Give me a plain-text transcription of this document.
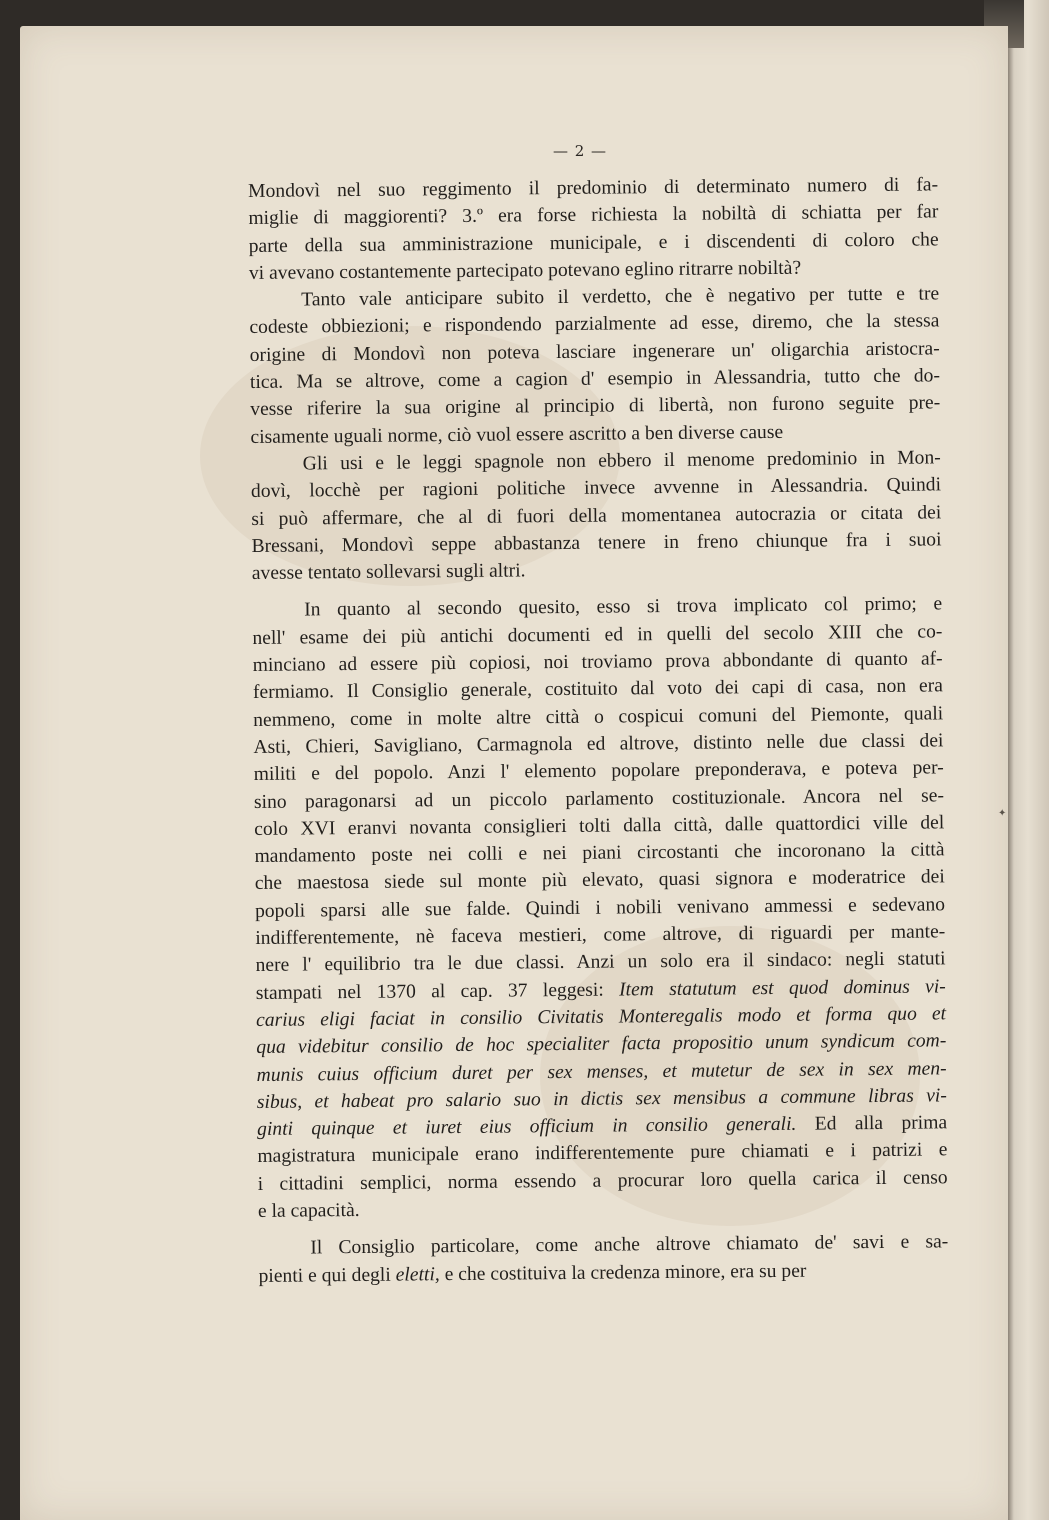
— 2 —
Mondovì nel suo reggimento il predominio di determinato numero di fa-
miglie di maggiorenti? 3.º era forse richiesta la nobiltà di schiatta per far
parte della sua amministrazione municipale, e i discendenti di coloro che
vi avevano costantemente partecipato potevano eglino ritrarre nobiltà?
Tanto vale anticipare subito il verdetto, che è negativo per tutte e tre
codeste obbiezioni; e rispondendo parzialmente ad esse, diremo, che la stessa
origine di Mondovì non poteva lasciare ingenerare un' oligarchia aristocra-
tica. Ma se altrove, come a cagion d' esempio in Alessandria, tutto che do-
vesse riferire la sua origine al principio di libertà, non furono seguite pre-
cisamente uguali norme, ciò vuol essere ascritto a ben diverse cause
Gli usi e le leggi spagnole non ebbero il menome predominio in Mon-
dovì, locchè per ragioni politiche invece avvenne in Alessandria. Quindi
si può affermare, che al di fuori della momentanea autocrazia or citata dei
Bressani, Mondovì seppe abbastanza tenere in freno chiunque fra i suoi
avesse tentato sollevarsi sugli altri.
In quanto al secondo quesito, esso si trova implicato col primo; e
nell' esame dei più antichi documenti ed in quelli del secolo XIII che co-
minciano ad essere più copiosi, noi troviamo prova abbondante di quanto af-
fermiamo. Il Consiglio generale, costituito dal voto dei capi di casa, non era
nemmeno, come in molte altre città o cospicui comuni del Piemonte, quali
Asti, Chieri, Savigliano, Carmagnola ed altrove, distinto nelle due classi dei
militi e del popolo. Anzi l' elemento popolare preponderava, e poteva per-
sino paragonarsi ad un piccolo parlamento costituzionale. Ancora nel se-
colo XVI eranvi novanta consiglieri tolti dalla città, dalle quattordici ville del
mandamento poste nei colli e nei piani circostanti che incoronano la città
che maestosa siede sul monte più elevato, quasi signora e moderatrice dei
popoli sparsi alle sue falde. Quindi i nobili venivano ammessi e sedevano
indifferentemente, nè faceva mestieri, come altrove, di riguardi per mante-
nere l' equilibrio tra le due classi. Anzi un solo era il sindaco: negli statuti
stampati nel 1370 al cap. 37 leggesi: Item statutum est quod dominus vi-
carius eligi faciat in consilio Civitatis Monteregalis modo et forma quo et
qua videbitur consilio de hoc specialiter facta propositio unum syndicum com-
munis cuius officium duret per sex menses, et mutetur de sex in sex men-
sibus, et habeat pro salario suo in dictis sex mensibus a commune libras vi-
ginti quinque et iuret eius officium in consilio generali. Ed alla prima
magistratura municipale erano indifferentemente pure chiamati e i patrizi e
i cittadini semplici, norma essendo a procurar loro quella carica il censo
e la capacità.
Il Consiglio particolare, come anche altrove chiamato de' savi e sa-
pienti e qui degli eletti, e che costituiva la credenza minore, era su per
✦
